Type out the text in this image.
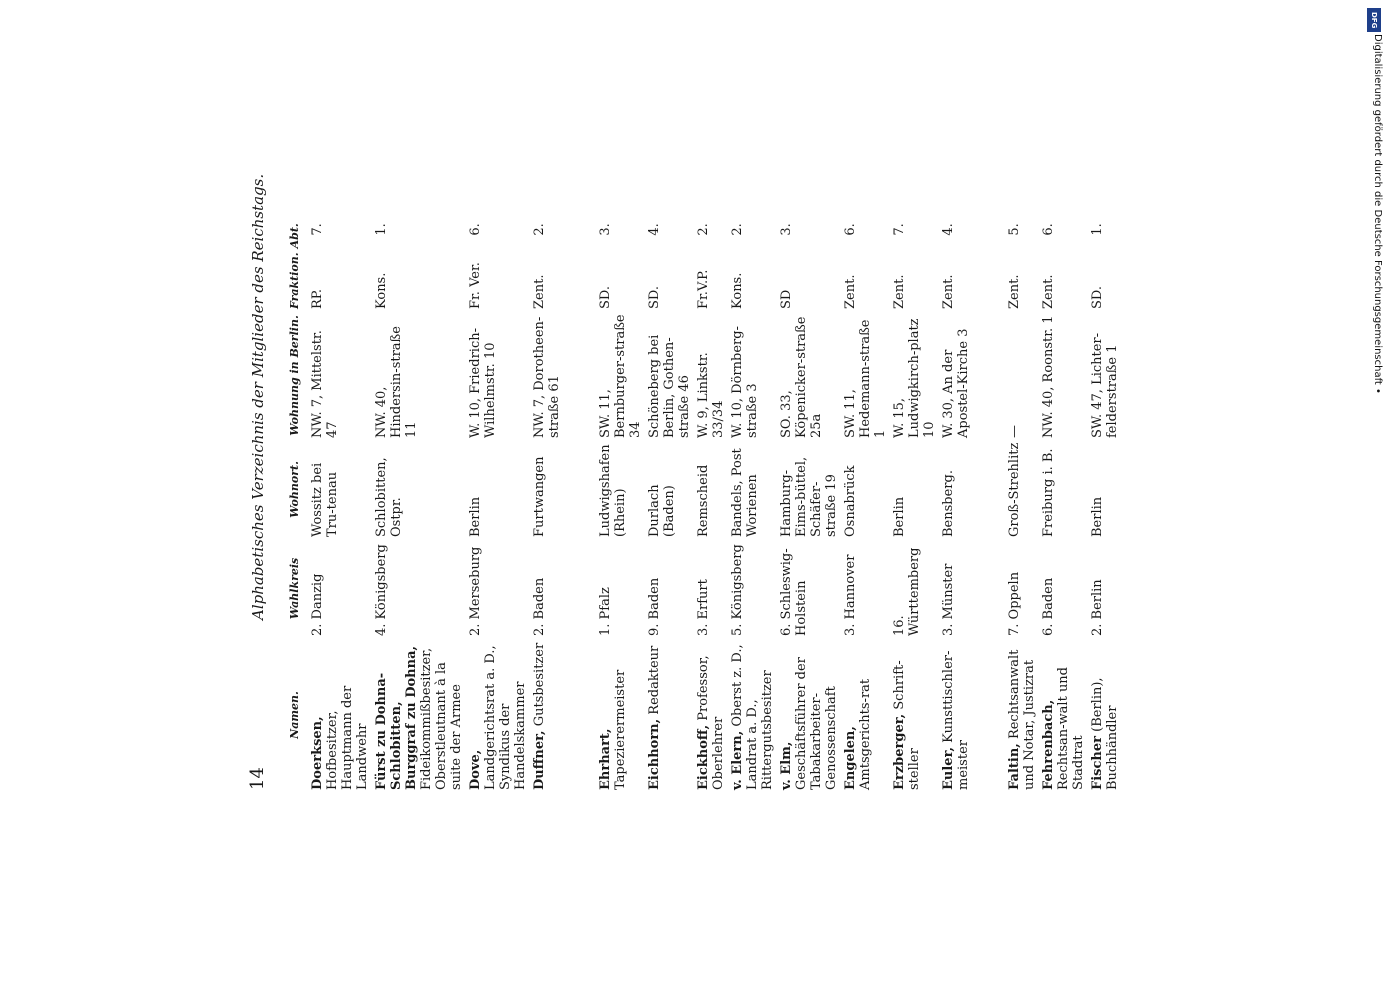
14
Alphabetisches Verzeichnis der Mitglieder des Reichstags.
Namen.	Wahlkreis	Wohnort.	Wohnung in Berlin.	Fraktion.	Abt.
Doerksen, Hofbesitzer, Hauptmann der Landwehr	2. Danzig	Wossitz bei Tru-tenau	NW. 7, Mittelstr. 47	RP.	7.
Fürst zu Dohna-Schlobitten, Burggraf zu Dohna, Fideikommißbesitzer, Oberstleutnant à la suite der Armee	4. Königsberg	Schlobitten, Ostpr.	NW. 40, Hindersin-straße 11	Kons.	1.
Dove, Landgerichtsrat a. D., Syndikus der Handelskammer	2. Merseburg	Berlin	W. 10, Friedrich-Wilhelmstr. 10	Fr. Ver.	6.
Duffner, Gutsbesitzer	2. Baden	Furtwangen	NW. 7, Dorotheen-straße 61	Zent.	2.

Ehrhart, Tapezierermeister	1. Pfalz	Ludwigshafen (Rhein)	SW. 11, Bernburger-straße 34	SD.	3.
Eichhorn, Redakteur	9. Baden	Durlach (Baden)	Schöneberg bei Berlin, Gothen-straße 46	SD.	4.
Eickhoff, Professor, Oberlehrer	3. Erfurt	Remscheid	W. 9, Linkstr. 33/34	Fr.V.P.	2.
v. Elern, Oberst z. D., Landrat a. D., Rittergutsbesitzer	5. Königsberg	Bandels, Post Worienen	W. 10, Dörnberg-straße 3	Kons.	2.
v. Elm, Geschäftsführer der Tabakarbeiter-Genossenschaft	6. Schleswig-Holstein	Hamburg-Eims-büttel, Schäfer-straße 19	SO. 33, Köpenicker-straße 25a	SD	3.
Engelen, Amtsgerichts-rat	3. Hannover	Osnabrück	SW. 11, Hedemann-straße 1	Zent.	6.
Erzberger, Schrift-steller	16. Württemberg	Berlin	W. 15, Ludwigkirch-platz 10	Zent.	7.
Euler, Kunsttischler-meister	3. Münster	Bensberg.	W. 30, An der Apostel-Kirche 3	Zent.	4.

Faltin, Rechtsanwalt und Notar, Justizrat	7. Oppeln	Groß-Strehlitz	—	Zent.	5.
Fehrenbach, Rechtsan-walt und Stadtrat	6. Baden	Freiburg i. B.	NW. 40, Roonstr. 1	Zent.	6.
Fischer (Berlin), Buchhändler	2. Berlin	Berlin	SW. 47, Lichter-felderstraße 1	SD.	1.
DFG
Digitalisierung gefördert durch die Deutsche Forschungsgemeinschaft •
